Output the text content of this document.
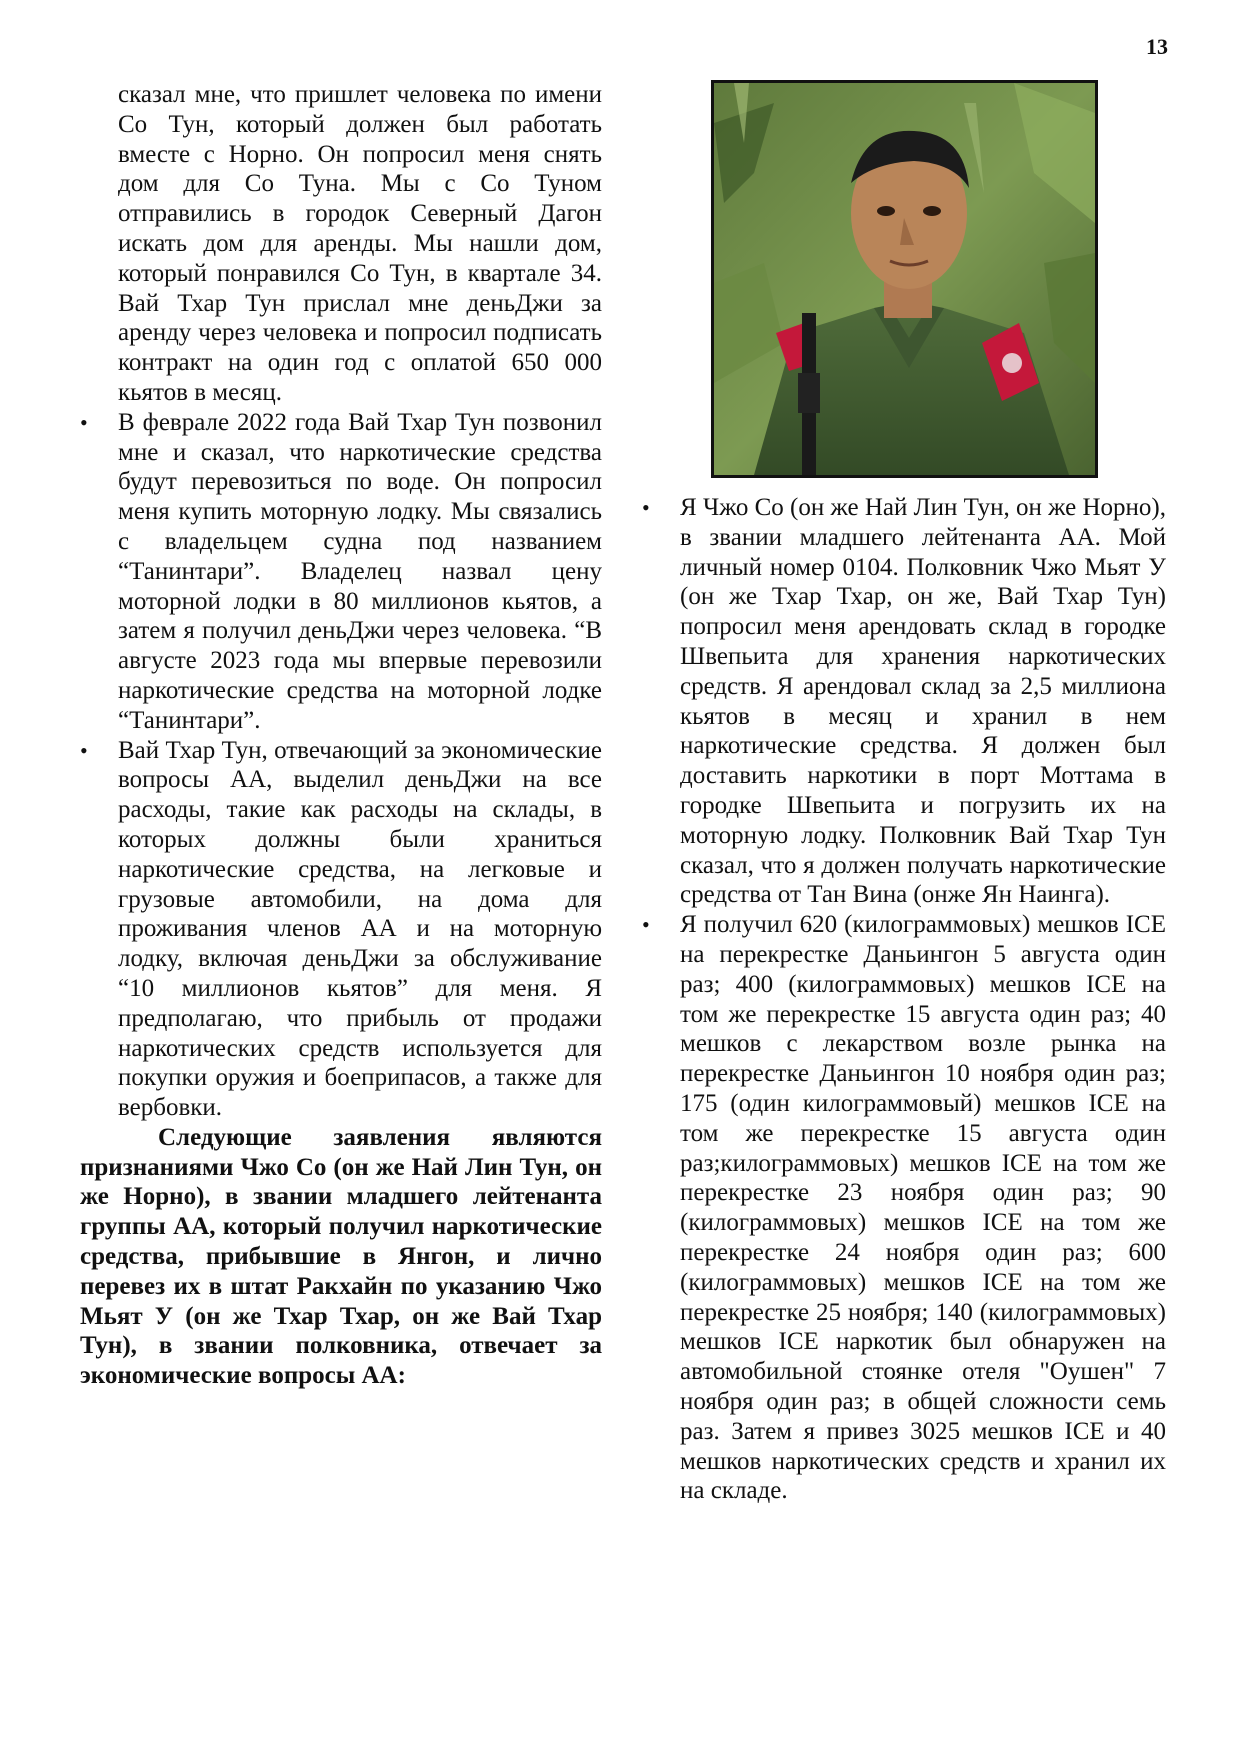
13

сказал мне, что пришлет человека по имени Со Тун, который должен был работать вместе с Норно. Он попросил меня снять дом для Со Туна. Мы с Со Туном отправились в городок Северный Дагон искать дом для аренды. Мы нашли дом, который понравился Со Тун, в квартале 34. Вай Тхар Тун прислал мне деньДжи за аренду через человека и попросил подписать контракт на один год с оплатой 650 000 кьятов в месяц.

•	В феврале 2022 года Вай Тхар Тун позвонил мне и сказал, что наркотические средства будут перевозиться по воде. Он попросил меня купить моторную лодку. Мы связались с владельцем судна под названием “Танинтари”. Владелец назвал цену моторной лодки в 80 миллионов кьятов, а затем я получил деньДжи через человека. “В августе 2023 года мы впервые перевозили наркотические средства на моторной лодке “Танинтари”.
•	Вай Тхар Тун, отвечающий за экономические вопросы АА, выделил деньДжи на все расходы, такие как расходы на склады, в которых должны были храниться наркотические средства, на легковые и грузовые автомобили, на дома для проживания членов АА и на моторную лодку, включая деньДжи за обслуживание “10 миллионов кьятов” для меня. Я предполагаю, что прибыль от продажи наркотических средств используется для покупки оружия и боеприпасов, а также для вербовки.

Следующие заявления являются признаниями Чжо Со (он же Най Лин Тун, он же Норно), в звании младшего лейтенанта группы АА, который получил наркотические средства, прибывшие в Янгон, и лично перевез их в штат Ракхайн по указанию Чжо Мьят У (он же Тхар Тхар, он же Вай Тхар Тун), в звании полковника, отвечает за экономические вопросы АА:

•	Я Чжо Со (он же Най Лин Тун, он же Норно), в звании младшего лейтенанта АА. Мой личный номер 0104. Полковник Чжо Мьят У (он же Тхар Тхар, он же, Вай Тхар Тун) попросил меня арендовать склад в городке Швепьита для хранения наркотических средств. Я арендовал склад за 2,5 миллиона кьятов в месяц и хранил в нем наркотические средства. Я должен был доставить наркотики в порт Моттама в городке Швепьита и погрузить их на моторную лодку. Полковник Вай Тхар Тун сказал, что я должен получать наркотические средства от Тан Вина (онже Ян Наинга).
•	Я получил 620 (килограммовых) мешков ICE на перекрестке Даньингон 5 августа один раз; 400 (килограммовых) мешков ICE на том же перекрестке 15 августа один раз; 40 мешков с лекарством возле рынка на перекрестке Даньингон 10 ноября один раз; 175 (один килограммовый) мешков ICE на том же перекрестке 15 августа один раз;килограммовых) мешков ICE на том же перекрестке 23 ноября один раз; 90 (килограммовых) мешков ICE на том же перекрестке 24 ноября один раз; 600 (килограммовых) мешков ICE на том же перекрестке 25 ноября; 140 (килограммовых) мешков ICE наркотик был обнаружен на автомобильной стоянке отеля "Оушен" 7 ноября один раз; в общей сложности семь раз. Затем я привез 3025 мешков ICE и 40 мешков наркотических средств и хранил их на складе.
